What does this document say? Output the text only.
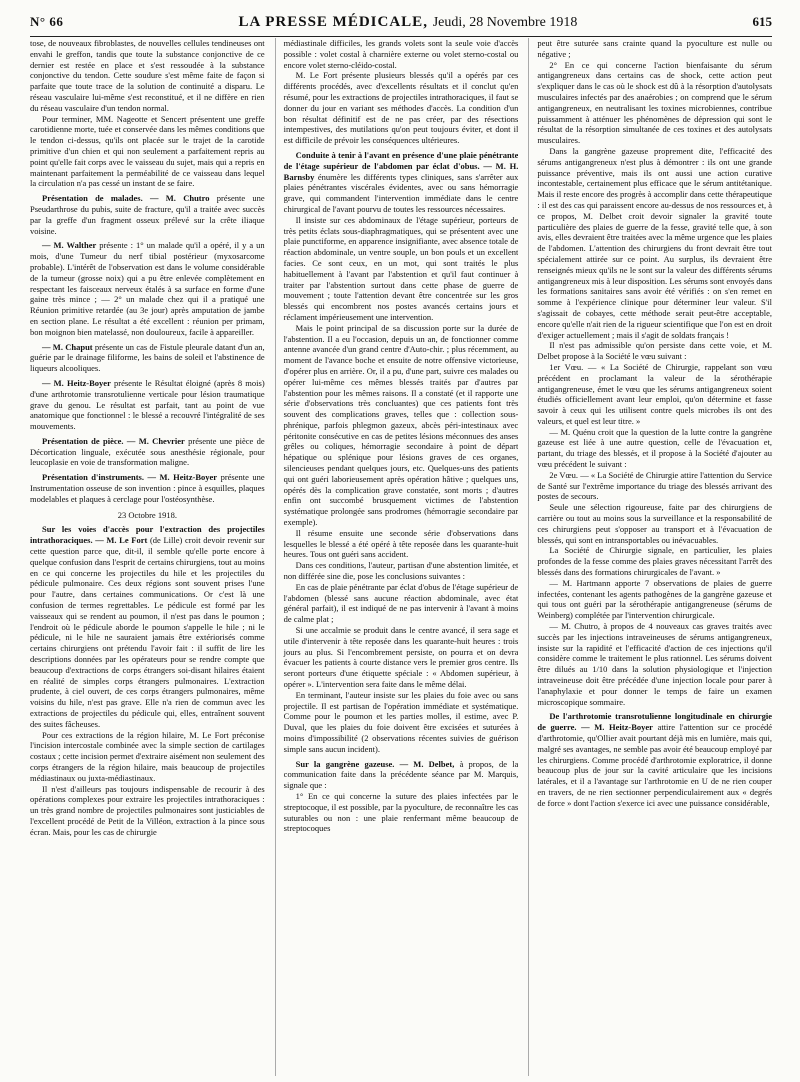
N° 66	LA PRESSE MÉDICALE, Jeudi, 28 Novembre 1918	615

tose, de nouveaux fibroblastes, de nouvelles cellules tendineuses ont envahi le greffon, tandis que toute la substance conjonctive de ce dernier est restée en place et s'est ressoudée à la substance conjonctive du tendon. Cette soudure s'est même faite de façon si parfaite que toute trace de la solution de continuité a disparu. Le réseau vasculaire lui-même s'est reconstitué, et il ne diffère en rien du réseau vasculaire d'un tendon normal.

Pour terminer, MM. Nageotte et Sencert présentent une greffe carotidienne morte, tuée et conservée dans les mêmes conditions que le tendon ci-dessus, qu'ils ont placée sur le trajet de la carotide primitive d'un chien et qui non seulement a parfaitement repris au point qu'elle fait corps avec le vaisseau du sujet, mais qui a repris en maintenant parfaitement la perméabilité de ce vaisseau dans lequel la circulation n'a pas cessé un instant de se faire.

Présentation de malades. — M. Chutro présente une Pseudarthrose du pubis, suite de fracture, qu'il a traitée avec succès par la greffe d'un fragment osseux prélevé sur la crête iliaque voisine.

— M. Walther présente : 1° un malade qu'il a opéré, il y a un mois, d'une Tumeur du nerf tibial postérieur (myxosarcome probable). L'intérêt de l'observation est dans le volume considérable de la tumeur (grosse noix) qui a pu être enlevée complètement en respectant les faisceaux nerveux étalés à sa surface en forme d'une gaine très mince ; — 2° un malade chez qui il a pratiqué une Réunion primitive retardée (au 3e jour) après amputation de jambe en section plane. Le résultat a été excellent : réunion per primam, bon moignon bien matelassé, non douloureux, facile à appareiller.

— M. Chaput présente un cas de Fistule pleurale datant d'un an, guérie par le drainage filiforme, les bains de soleil et l'abstinence de liqueurs alcooliques.

— M. Heitz-Boyer présente le Résultat éloigné (après 8 mois) d'une arthrotomie transrotulienne verticale pour lésion traumatique grave du genou. Le résultat est parfait, tant au point de vue anatomique que fonctionnel : le blessé a recouvré l'intégralité de ses mouvements.

Présentation de pièce. — M. Chevrier présente une pièce de Décortication linguale, exécutée sous anesthésie régionale, pour leucoplasie en voie de transformation maligne.

Présentation d'instruments. — M. Heitz-Boyer présente une Instrumentation osseuse de son invention : pince à esquilles, plaques modelables et plaques à cerclage pour l'ostéosynthèse.

23 Octobre 1918.

Sur les voies d'accès pour l'extraction des projectiles intrathoraciques. — M. Le Fort (de Lille) croit devoir revenir sur cette question parce que, dit-il, il semble qu'elle porte encore à quelque confusion dans l'esprit de certains chirurgiens, tout au moins en ce qui concerne les projectiles du hile et les projectiles du pédicule pulmonaire. Ces deux régions sont souvent prises l'une pour l'autre, dans certaines communications. Or c'est là une confusion de termes regrettables. Le pédicule est formé par les vaisseaux qui se rendent au poumon, il n'est pas dans le poumon ; l'endroit où le pédicule aborde le poumon s'appelle le hile ; ni le pédicule, ni le hile ne sauraient jamais être extériorisés comme certains chirurgiens ont prétendu l'avoir fait : il suffit de lire les descriptions données par les opérateurs pour se rendre compte que beaucoup d'extractions de corps étrangers soi-disant hilaires étaient en réalité de simples corps étrangers pulmonaires. L'extraction prudente, à ciel ouvert, de ces corps étrangers pulmonaires, même voisins du hile, n'est pas grave. Elle n'a rien de commun avec les extractions de projectiles du pédicule qui, elles, entraînent souvent des suites fâcheuses.

Pour ces extractions de la région hilaire, M. Le Fort préconise l'incision intercostale combinée avec la simple section de cartilages costaux ; cette incision permet d'extraire aisément non seulement des corps étrangers de la région hilaire, mais beaucoup de projectiles médiastinaux ou juxta-médiastinaux.

Il n'est d'ailleurs pas toujours indispensable de recourir à des opérations complexes pour extraire les projectiles intrathoraciques : un très grand nombre de projectiles pulmonaires sont justiciables de l'excellent procédé de Petit de la Villéon, extraction à la pince sous écran. Mais, pour les cas de chirurgie

médiastinale difficiles, les grands volets sont la seule voie d'accès possible : volet costal à charnière externe ou volet sterno-costal ou encore volet sterno-cléido-costal.

M. Le Fort présente plusieurs blessés qu'il a opérés par ces différents procédés, avec d'excellents résultats et il conclut qu'en résumé, pour les extractions de projectiles intrathoraciques, il faut se donner du jour en variant ses méthodes d'accès. La condition d'un bon résultat définitif est de ne pas créer, par des résections intempestives, des mutilations qu'on peut toujours éviter, et dont il est difficile de prévoir les conséquences ultérieures.

Conduite à tenir à l'avant en présence d'une plaie pénétrante de l'étage supérieur de l'abdomen par éclat d'obus. — M. H. Barnsby énumère les différents types cliniques, sans s'arrêter aux plaies pénétrantes viscérales évidentes, avec ou sans hémorragie grave, qui commandent l'intervention immédiate dans le centre chirurgical de l'avant pourvu de toutes les ressources nécessaires.

Il insiste sur ces abdominaux de l'étage supérieur, porteurs de très petits éclats sous-diaphragmatiques, qui se présentent avec une plaie punctiforme, en apparence insignifiante, avec absence totale de réaction abdominale, un ventre souple, un bon pouls et un excellent facies. Ce sont ceux, en un mot, qui sont traités le plus habituellement à l'avant par l'abstention et qu'il faut continuer à traiter par l'abstention surtout dans cette phase de guerre de mouvement ; toute l'attention devant être concentrée sur les gros blessés qui encombrent nos postes avancés certains jours et réclament impérieusement une intervention.

Mais le point principal de sa discussion porte sur la durée de l'abstention. Il a eu l'occasion, depuis un an, de fonctionner comme antenne avancée d'un grand centre d'Auto-chir. ; plus récemment, au moment de l'avance boche et ensuite de notre offensive victorieuse, d'opérer plus en arrière. Or, il a pu, d'une part, suivre ces malades ou opérer lui-même ces mêmes blessés traités par d'autres par l'abstention pour les mêmes raisons. Il a constaté (et il rapporte une série d'observations très concluantes) que ces patients font très souvent des complications graves, telles que : collection sous-phrénique, parfois phlegmon gazeux, abcès péri-intestinaux avec péritonite consécutive en cas de petites lésions méconnues des anses grêles ou coliques, hémorragie secondaire à point de départ hépatique ou splénique pour lésions graves de ces organes, silencieuses pendant quelques jours, etc. Quelques-uns des patients qui ont guéri laborieusement après opération hâtive ; quelques uns, opérés dès la complication grave constatée, sont morts ; d'autres enfin ont succombé brusquement victimes de l'abstention systématique prolongée sans prodromes (hémorragie secondaire par exemple).

Il résume ensuite une seconde série d'observations dans lesquelles le blessé a été opéré à tête reposée dans les quarante-huit heures. Tous ont guéri sans accident.

Dans ces conditions, l'auteur, partisan d'une abstention limitée, et non différée sine die, pose les conclusions suivantes :

En cas de plaie pénétrante par éclat d'obus de l'étage supérieur de l'abdomen (blessé sans aucune réaction abdominale, avec état général parfait), il est indiqué de ne pas intervenir à l'avant à moins de calme plat ;

Si une accalmie se produit dans le centre avancé, il sera sage et utile d'intervenir à tête reposée dans les quarante-huit heures : trois jours au plus. Si l'encombrement persiste, on pourra et on devra évacuer les patients à courte distance vers le premier gros centre. Ils seront porteurs d'une étiquette spéciale : « Abdomen supérieur, à opérer ». L'intervention sera faite dans le même délai.

En terminant, l'auteur insiste sur les plaies du foie avec ou sans projectile. Il est partisan de l'opération immédiate et systématique. Comme pour le poumon et les parties molles, il estime, avec P. Duval, que les plaies du foie doivent être excisées et suturées à moins d'impossibilité (2 observations récentes suivies de guérison simple sans aucun incident).

Sur la gangrène gazeuse. — M. Delbet, à propos, de la communication faite dans la précédente séance par M. Marquis, signale que :

1° En ce qui concerne la suture des plaies infectées par le streptocoque, il est possible, par la pyoculture, de reconnaître les cas suturables ou non : une plaie renfermant même beaucoup de streptocoques

peut être suturée sans crainte quand la pyoculture est nulle ou négative ;

2° En ce qui concerne l'action bienfaisante du sérum antigangreneux dans certains cas de shock, cette action peut s'expliquer dans le cas où le shock est dû à la résorption d'autolysats musculaires infectés par des anaérobies ; on comprend que le sérum antigangreneux, en neutralisant les toxines microbiennes, contribue puissamment à atténuer les phénomènes de dépression qui sont le résultat de la résorption simultanée de ces toxines et des autolysats musculaires.

Dans la gangrène gazeuse proprement dite, l'efficacité des sérums antigangreneux n'est plus à démontrer : ils ont une grande puissance préventive, mais ils ont aussi une action curative incontestable, certainement plus efficace que le sérum antitétanique. Mais il reste encore des progrès à accomplir dans cette thérapeutique : il est des cas qui paraissent encore au-dessus de nos ressources et, à ce propos, M. Delbet croit devoir signaler la gravité toute particulière des plaies de guerre de la fesse, gravité telle que, à son avis, elles devraient être traitées avec la même urgence que les plaies de l'abdomen. L'attention des chirurgiens du front devrait être tout spécialement attirée sur ce point. Au surplus, ils devraient être renseignés mieux qu'ils ne le sont sur la valeur des différents sérums antigangreneux mis à leur disposition. Les sérums sont envoyés dans les formations sanitaires sans avoir été vérifiés : on s'en remet en somme à l'expérience clinique pour déterminer leur valeur. S'il s'agissait de cobayes, cette méthode serait peut-être acceptable, encore qu'elle n'ait rien de la rigueur scientifique que l'on est en droit d'exiger actuellement ; mais il s'agit de soldats français !

Il n'est pas admissible qu'on persiste dans cette voie, et M. Delbet propose à la Société le vœu suivant :

1er Vœu. — « La Société de Chirurgie, rappelant son vœu précédent en proclamant la valeur de la sérothérapie antigangreneuse, émet le vœu que les sérums antigangreneux soient étudiés officiellement avant leur emploi, qu'on détermine et fasse savoir à ceux qui les utilisent contre quels microbes ils ont des valeurs, et quel est leur titre. »

— M. Quénu croit que la question de la lutte contre la gangrène gazeuse est liée à une autre question, celle de l'évacuation et, partant, du triage des blessés, et il propose à la Société d'ajouter au vœu précédent le suivant :

2e Vœu. — « La Société de Chirurgie attire l'attention du Service de Santé sur l'extrême importance du triage des blessés arrivant des postes de secours.

Seule une sélection rigoureuse, faite par des chirurgiens de carrière ou tout au moins sous la surveillance et la responsabilité de ces chirurgiens peut s'opposer au transport et à l'évacuation de blessés, qui sont en intransportables ou inévacuables.

La Société de Chirurgie signale, en particulier, les plaies profondes de la fesse comme des plaies graves nécessitant l'arrêt des blessés dans des formations chirurgicales de l'avant. »

— M. Hartmann apporte 7 observations de plaies de guerre infectées, contenant les agents pathogènes de la gangrène gazeuse et qui tous ont guéri par la sérothérapie antigangreneuse (sérums de Weinberg) complétée par l'intervention chirurgicale.

— M. Chutro, à propos de 4 nouveaux cas graves traités avec succès par les injections intraveineuses de sérums antigangreneux, insiste sur la rapidité et l'efficacité d'action de ces injections qu'il considère comme le traitement le plus rationnel. Les sérums doivent être dilués au 1/10 dans la solution physiologique et l'injection intraveineuse doit être précédée d'une injection locale pour parer à l'anaphylaxie et pour donner le temps de faire un examen microscopique sommaire.

De l'arthrotomie transrotulienne longitudinale en chirurgie de guerre. — M. Heitz-Boyer attire l'attention sur ce procédé d'arthrotomie, qu'Ollier avait pourtant déjà mis en lumière, mais qui, malgré ses avantages, ne semble pas avoir été beaucoup employé par les chirurgiens. Comme procédé d'arthrotomie exploratrice, il donne beaucoup plus de jour sur la cavité articulaire que les incisions latérales, et il a l'avantage sur l'arthrotomie en U de ne rien couper en travers, de ne rien sectionner perpendiculairement aux « degrés de force » dont l'action s'exerce ici avec une puissance considérable,
